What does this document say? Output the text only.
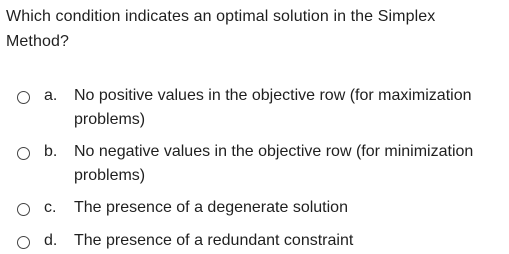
Which condition indicates an optimal solution in the Simplex Method?
a. No positive values in the objective row (for maximization problems)
b. No negative values in the objective row (for minimization problems)
c. The presence of a degenerate solution
d. The presence of a redundant constraint
